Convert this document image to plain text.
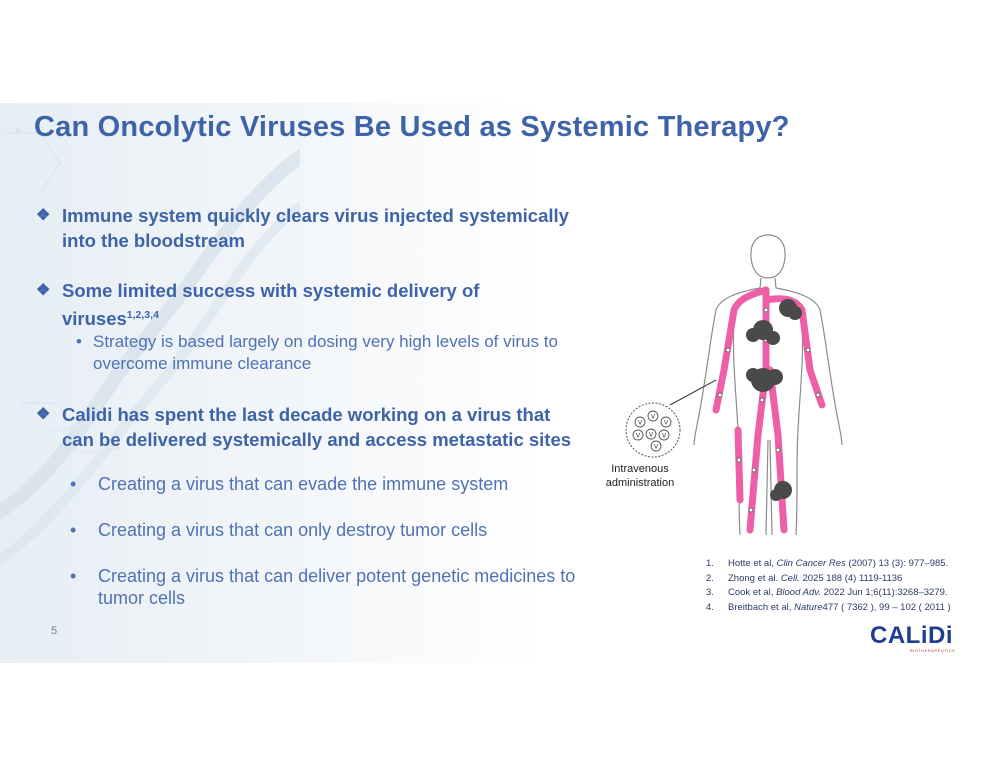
Can Oncolytic Viruses Be Used as Systemic Therapy?
❖ Immune system quickly clears virus injected systemically into the bloodstream
❖ Some limited success with systemic delivery of viruses$^{1,2,3,4}$
• Strategy is based largely on dosing very high levels of virus to overcome immune clearance
❖ Calidi has spent the last decade working on a virus that can be delivered systemically and access metastatic sites
• Creating a virus that can evade the immune system
• Creating a virus that can only destroy tumor cells
• Creating a virus that can deliver potent genetic medicines to tumor cells
5
V
V
V
V V V
V
Intravenous
administration
1. Hotte et al, Clin Cancer Res (2007) 13 (3): 977–985.
2. Zhong et al. Cell. 2025 188 (4) 1119-1136
3. Cook et al, Blood Adv. 2022 Jun 1;6(11):3268–3279.
4. Breitbach et al, Nature477 ( 7362 ), 99 – 102 ( 2011 )
CALiDi
BIOTHERAPEUTICS
